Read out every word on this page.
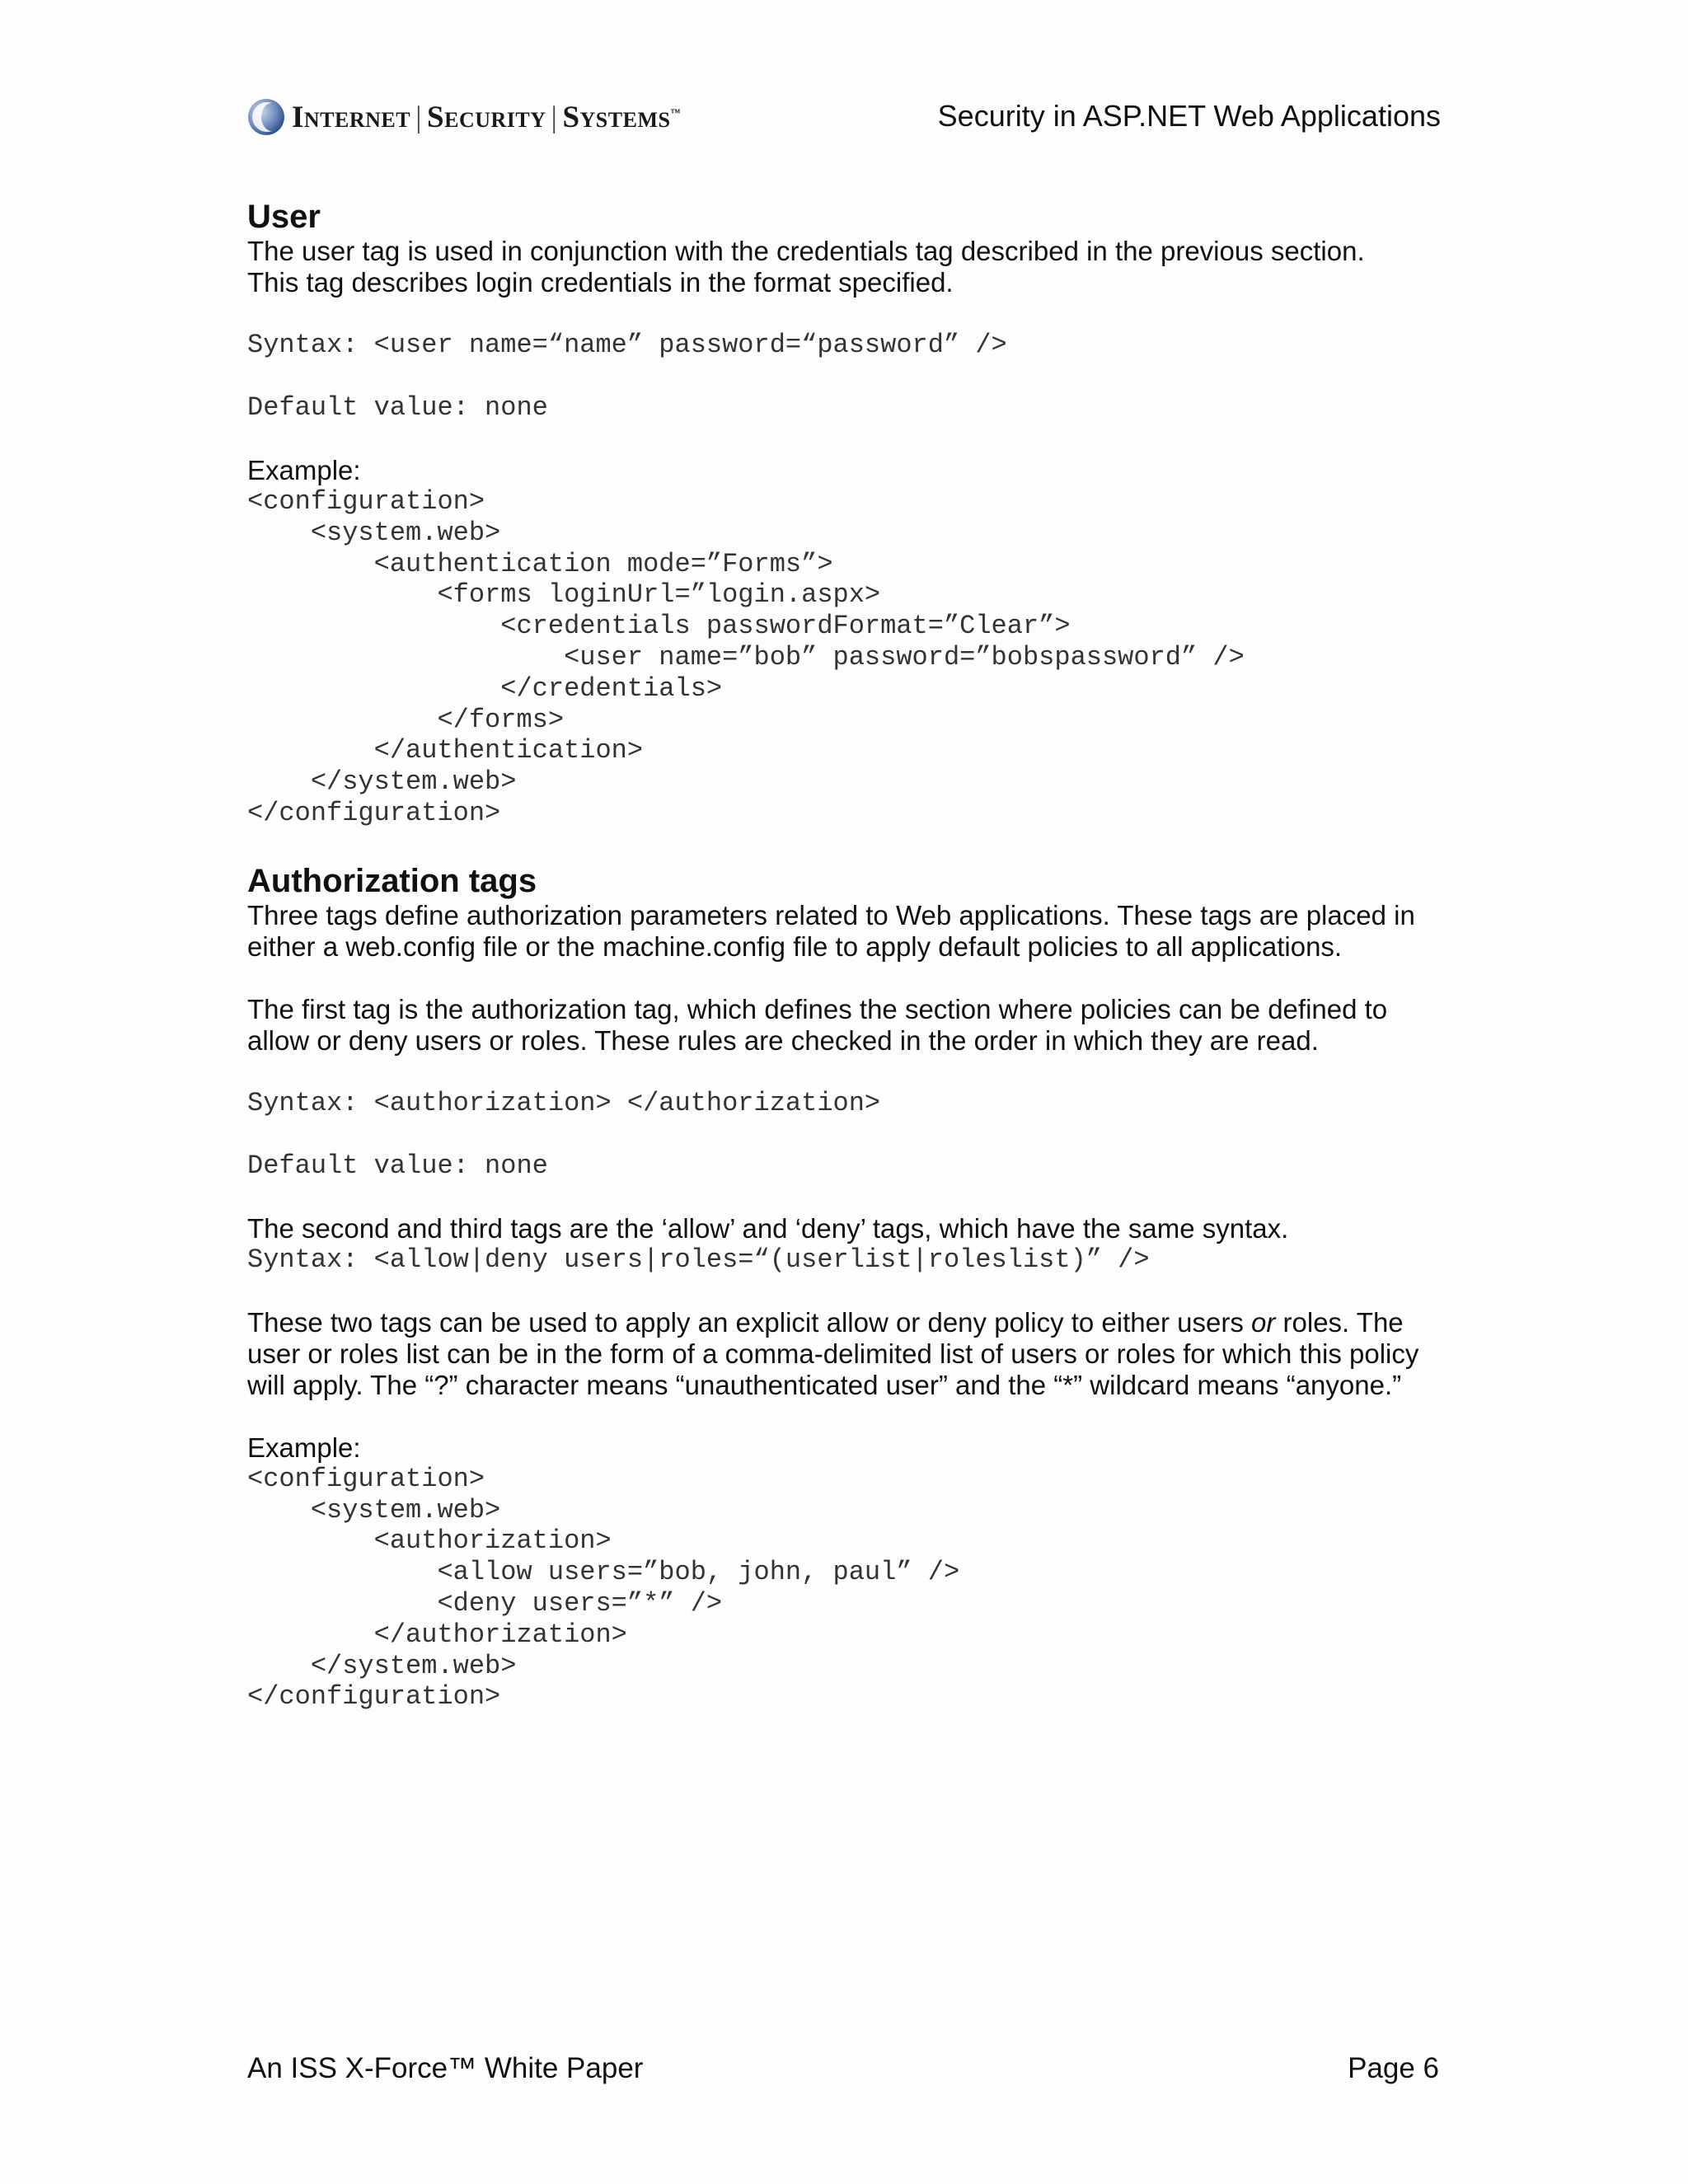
Internet | Security | Systems™	Security in ASP.NET Web Applications
User

The user tag is used in conjunction with the credentials tag described in the previous section.

This tag describes login credentials in the format specified.

Syntax: <user name=“name” password=“password” />

Default value: none

Example:

<configuration>
<system.web>
<authentication mode=”Forms”>
<forms loginUrl=”login.aspx>
<credentials passwordFormat=”Clear”>
<user name=”bob” password=”bobspassword” />
</credentials>
</forms>
</authentication>
</system.web>
</configuration>
Authorization tags

Three tags define authorization parameters related to Web applications. These tags are placed in

either a web.config file or the machine.config file to apply default policies to all applications.

The first tag is the authorization tag, which defines the section where policies can be defined to

allow or deny users or roles. These rules are checked in the order in which they are read.

Syntax: <authorization> </authorization>

Default value: none

The second and third tags are the ‘allow’ and ‘deny’ tags, which have the same syntax.

Syntax: <allow|deny users|roles=“(userlist|roleslist)” />

These two tags can be used to apply an explicit allow or deny policy to either users or roles. The

user or roles list can be in the form of a comma-delimited list of users or roles for which this policy

will apply. The “?” character means “unauthenticated user” and the “*” wildcard means “anyone.”

Example:

<configuration>
<system.web>
<authorization>
<allow users=”bob, john, paul” />
<deny users=”*” />
</authorization>
</system.web>
</configuration>
An ISS X-Force™ White Paper	Page 6
